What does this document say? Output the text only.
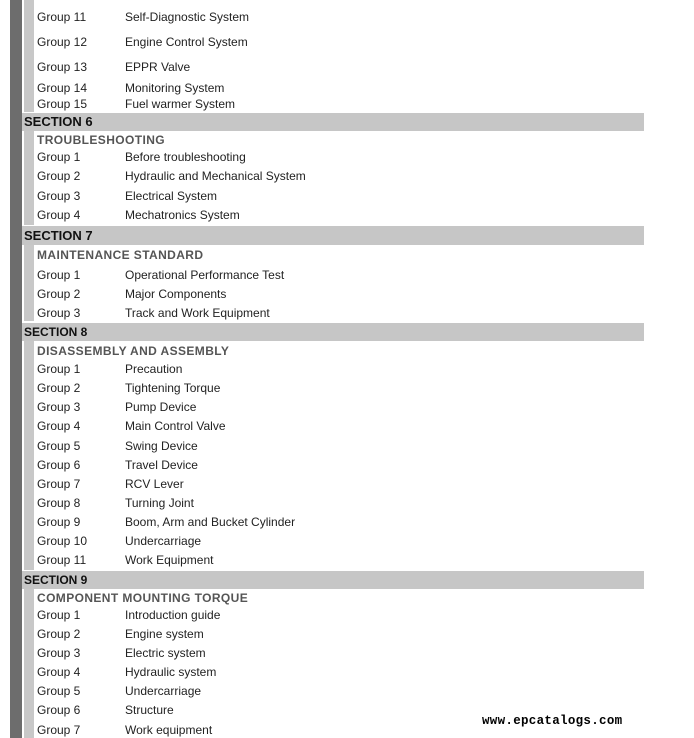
Group 11	Self-Diagnostic System
Group 12	Engine Control System
Group 13	EPPR Valve
Group 14	Monitoring System
Group 15	Fuel warmer System
SECTION 6
TROUBLESHOOTING
Group 1	Before troubleshooting
Group 2	Hydraulic and Mechanical System
Group 3	Electrical System
Group 4	Mechatronics System
SECTION 7
MAINTENANCE STANDARD
Group 1	Operational Performance Test
Group 2	Major Components
Group 3	Track and Work Equipment
SECTION 8
DISASSEMBLY AND ASSEMBLY
Group 1	Precaution
Group 2	Tightening Torque
Group 3	Pump Device
Group 4	Main Control Valve
Group 5	Swing Device
Group 6	Travel Device
Group 7	RCV Lever
Group 8	Turning Joint
Group 9	Boom, Arm and Bucket Cylinder
Group 10	Undercarriage
Group 11	Work Equipment
SECTION 9
COMPONENT MOUNTING TORQUE
Group 1	Introduction guide
Group 2	Engine system
Group 3	Electric system
Group 4	Hydraulic system
Group 5	Undercarriage
Group 6	Structure
Group 7	Work equipment
www.epcatalogs.com
